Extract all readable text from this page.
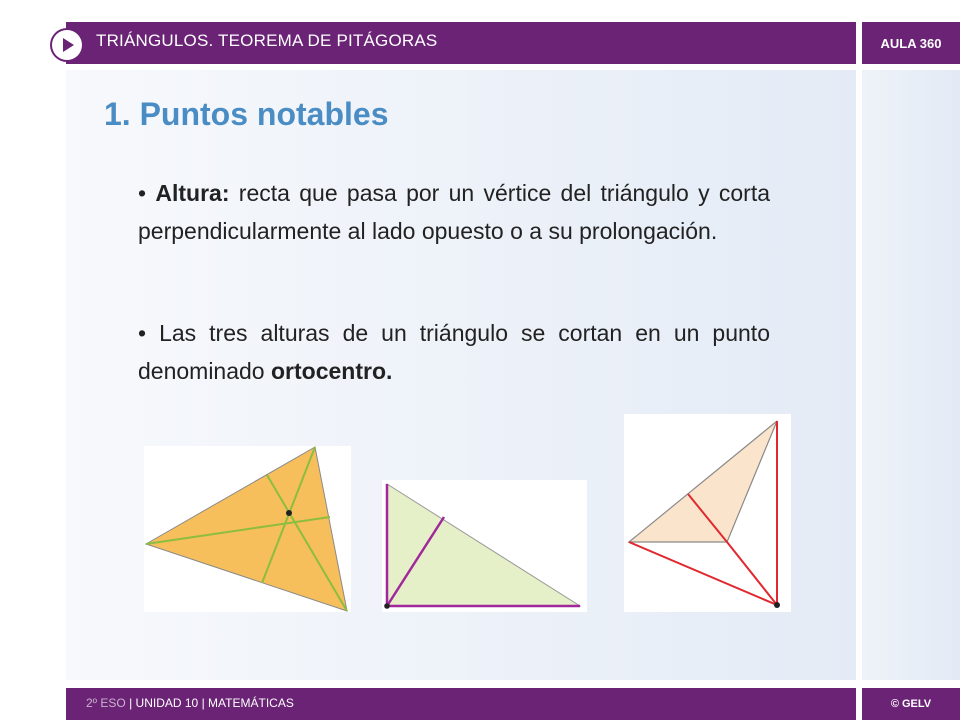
TRIÁNGULOS. TEOREMA DE PITÁGORAS	AULA 360
1. Puntos notables

• Altura: recta que pasa por un vértice del triángulo y corta perpendicularmente al lado opuesto o a su prolongación.

• Las tres alturas de un triángulo se cortan en un punto denominado ortocentro.

2º ESO | UNIDAD 10 | MATEMÁTICAS	© GELV
